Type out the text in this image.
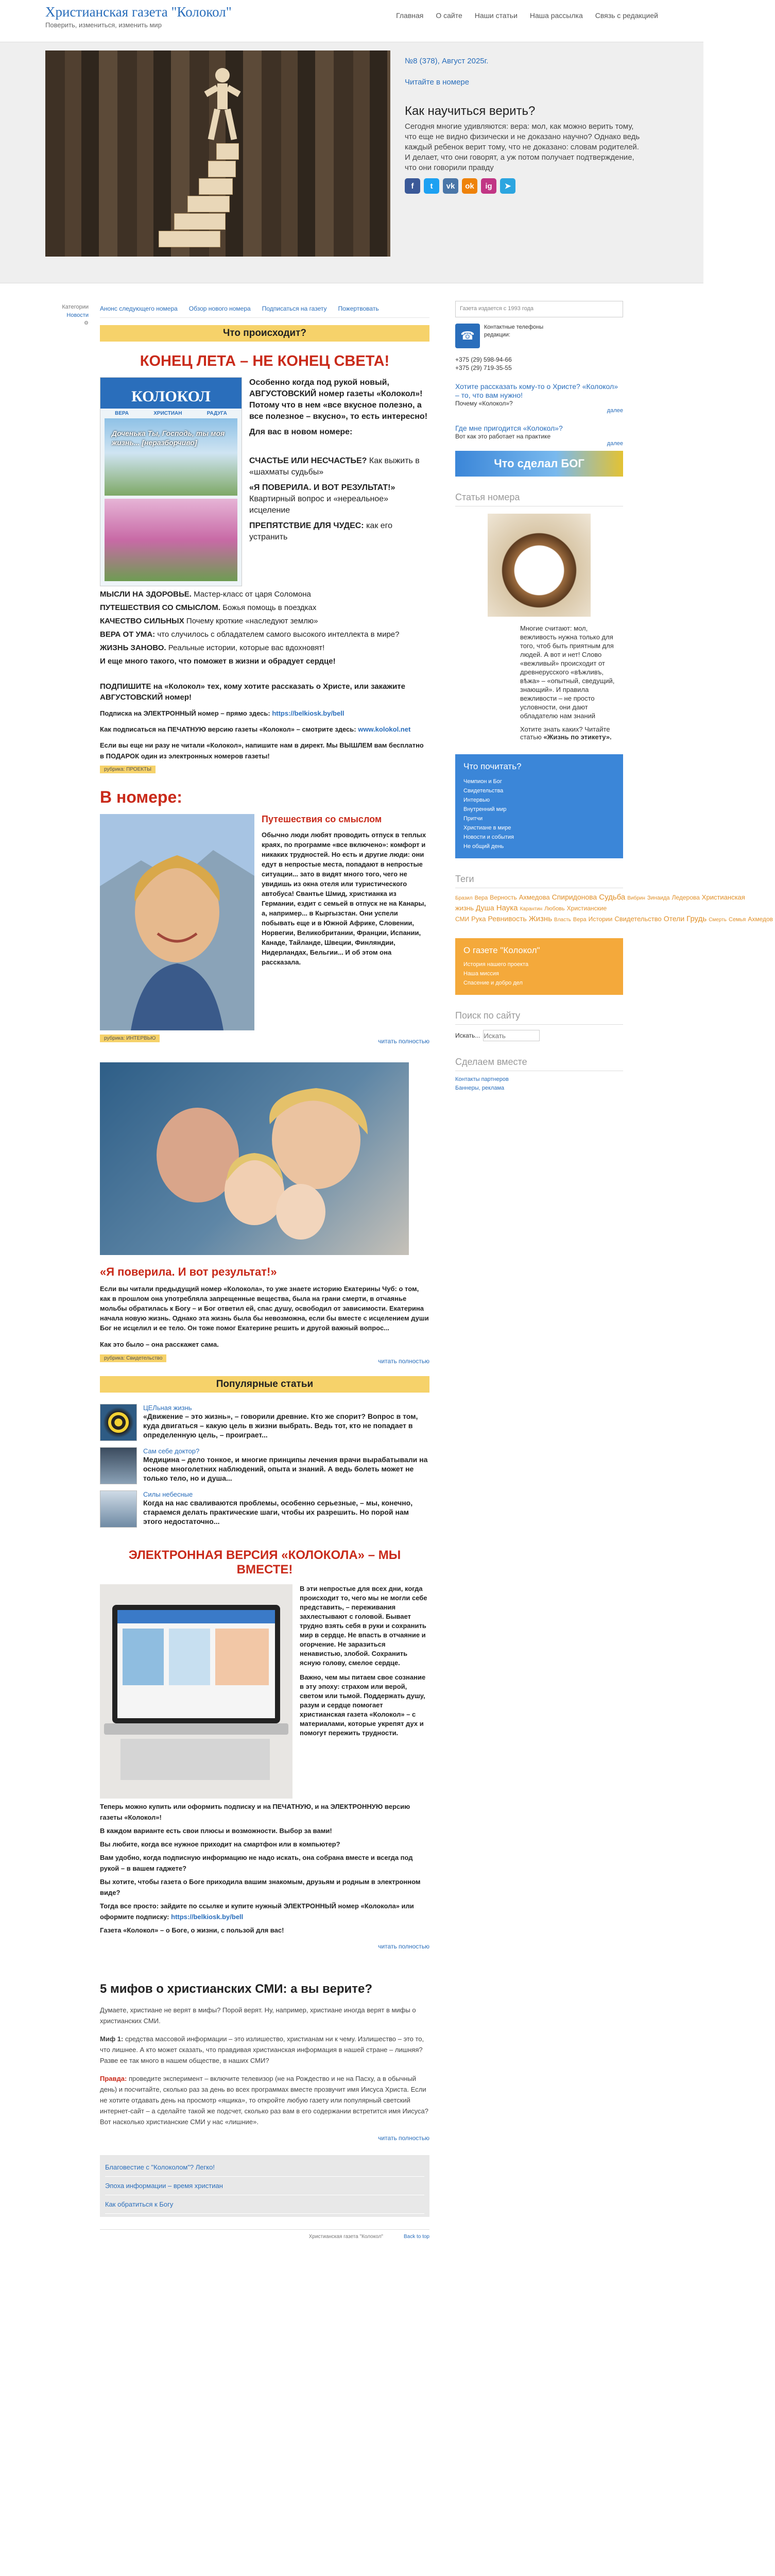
Христианская газета "Колокол"
Поверить, измениться, изменить мир
Главная О сайте Наши статьи Наша рассылка Связь с редакцией
№8 (378), Август 2025г.
Читайте в номере
Как научиться верить?

Сегодня многие удивляются: вера: мол, как можно верить тому, что еще не видно физически и не доказано научно? Однако ведь каждый ребенок верит тому, что не доказано: словам родителей. И делает, что они говорят, а уж потом получает подтверждение, что они говорили правду

f	t	vk	ok	ig	➤
Категории
Новости
⚙
Анонс следующего номера Обзор нового номера Подписаться на газету Пожертвовать
Что происходит?
КОНЕЦ ЛЕТА – НЕ КОНЕЦ СВЕТА!
КОЛОКОЛ
ВЕРА	ХРИСТИАН	РАДУГА
Доченька Ты, Господь, ты моя жизнь... [неразборчиво]
Особенно когда под рукой новый, АВГУСТОВСКИЙ номер газеты «Колокол»! Потому что в нем «все вкусное полезно, а все полезное – вкусно», то есть интересно!
Для вас в новом номере:
СЧАСТЬЕ ИЛИ НЕСЧАСТЬЕ? Как выжить в «шахматы судьбы»
«Я ПОВЕРИЛА. И ВОТ РЕЗУЛЬТАТ!» Квартирный вопрос и «нереальное» исцеление
ПРЕПЯТСТВИЕ ДЛЯ ЧУДЕС: как его устранить

МЫСЛИ НА ЗДОРОВЬЕ. Мастер-класс от царя Соломона

ПУТЕШЕСТВИЯ СО СМЫСЛОМ. Божья помощь в поездках

КАЧЕСТВО СИЛЬНЫХ Почему кроткие «наследуют землю»

ВЕРА ОТ УМА: что случилось с обладателем самого высокого интеллекта в мире?

ЖИЗНЬ ЗАНОВО. Реальные истории, которые вас вдохновят!

И еще много такого, что поможет в жизни и обрадует сердце!

ПОДПИШИТЕ на «Колокол» тех, кому хотите рассказать о Христе, или закажите АВГУСТОВСКИЙ номер!

Подписка на ЭЛЕКТРОННЫЙ номер – прямо здесь: https://belkiosk.by/bell

Как подписаться на ПЕЧАТНУЮ версию газеты «Колокол» – смотрите здесь: www.kolokol.net

Если вы еще ни разу не читали «Колокол», напишите нам в директ. Мы ВЫШЛЕМ вам бесплатно в ПОДАРОК один из электронных номеров газеты!

рубрика: ПРОЕКТЫ
В номере:
Путешествия со смыслом
Обычно люди любят проводить отпуск в теплых краях, по программе «все включено»: комфорт и никаких трудностей. Но есть и другие люди: они едут в непростые места, попадают в непростые ситуации... зато в видят много того, чего не увидишь из окна отеля или туристического автобуса! Свантье Шмид, христианка из Германии, ездит с семьей в отпуск не на Канары, а, например... в Кыргызстан. Они успели побывать еще и в Южной Африке, Словении, Норвегии, Великобритании, Франции, Испании, Канаде, Тайланде, Швеции, Финляндии, Нидерландах, Бельгии... И об этом она рассказала.
рубрика: ИНТЕРВЬЮ	читать полностью
«Я поверила. И вот результат!»
Если вы читали предыдущий номер «Колокола», то уже знаете историю Екатерины Чуб: о том, как в прошлом она употребляла запрещенные вещества, была на грани смерти, в отчаянье мольбы обратилась к Богу – и Бог ответил ей, спас душу, освободил от зависимости. Екатерина начала новую жизнь. Однако эта жизнь была бы невозможна, если бы вместе с исцелением души Бог не исцелил и ее тело. Он тоже помог Екатерине решить и другой важный вопрос...
Как это было – она расскажет сама.
рубрика: Свидетельство	читать полностью
Популярные статьи
ЦЕЛьная жизнь
«Движение – это жизнь», – говорили древние. Кто же спорит? Вопрос в том, куда двигаться – какую цель в жизни выбрать. Ведь тот, кто не попадает в определенную цель, – проиграет...
Сам себе доктор?
Медицина – дело тонкое, и многие принципы лечения врачи вырабатывали на основе многолетних наблюдений, опыта и знаний. А ведь болеть может не только тело, но и душа...
Силы небесные
Когда на нас сваливаются проблемы, особенно серьезные, – мы, конечно, стараемся делать практические шаги, чтобы их разрешить. Но порой нам этого недостаточно...
ЭЛЕКТРОННАЯ ВЕРСИЯ «КОЛОКОЛА» – МЫ ВМЕСТЕ!

В эти непростые для всех дни, когда происходит то, чего мы не могли себе представить, – переживания захлестывают с головой. Бывает трудно взять себя в руки и сохранить мир в сердце. Не впасть в отчаяние и огорчение. Не заразиться ненавистью, злобой. Сохранить ясную голову, смелое сердце.

Важно, чем мы питаем свое сознание в эту эпоху: страхом или верой, светом или тьмой. Поддержать душу, разум и сердце помогает христианская газета «Колокол» – с материалами, которые укрепят дух и помогут пережить трудности.

Теперь можно купить или оформить подписку и на ПЕЧАТНУЮ, и на ЭЛЕКТРОННУЮ версию газеты «Колокол»!

В каждом варианте есть свои плюсы и возможности. Выбор за вами!

Вы любите, когда все нужное приходит на смартфон или в компьютер?

Вам удобно, когда подписную информацию не надо искать, она собрана вместе и всегда под рукой – в вашем гаджете?

Вы хотите, чтобы газета о Боге приходила вашим знакомым, друзьям и родным в электронном виде?

Тогда все просто: зайдите по ссылке и купите нужный ЭЛЕКТРОННЫЙ номер «Колокола» или оформите подписку: https://belkiosk.by/bell

Газета «Колокол» – о Боге, о жизни, с пользой для вас!

читать полностью
5 мифов о христианских СМИ: а вы верите?

Думаете, христиане не верят в мифы? Порой верят. Ну, например, христиане иногда верят в мифы о христианских СМИ.

Миф 1: средства массовой информации – это излишество, христианам ни к чему. Излишество – это то, что лишнее. А кто может сказать, что правдивая христианская информация в нашей стране – лишняя? Разве ее так много в нашем обществе, в наших СМИ?

Правда: проведите эксперимент – включите телевизор (не на Рождество и не на Пасху, а в обычный день) и посчитайте, сколько раз за день во всех программах вместе прозвучит имя Иисуса Христа. Если не хотите отдавать день на просмотр «ящика», то откройте любую газету или популярный светский интернет-сайт – а сделайте такой же подсчет, сколько раз вам в его содержании встретится имя Иисуса? Вот насколько христианские СМИ у нас «лишние».

читать полностью
Благовестие с "Колоколом"? Легко!
Эпоха информации – время христиан
Как обратиться к Богу
Христианская газета "Колокол"	Back to top
Газета издается с 1993 года
☎
Контактные телефоны редакции:
+375 (29) 598-94-66
+375 (29) 719-35-55
Хотите рассказать кому-то о Христе? «Колокол» – то, что вам нужно!
Почему «Колокол»?
далее
Где мне пригодится «Колокол»?
Вот как это работает на практике
далее
Что сделал БОГ
Статья номера

Многие считают: мол, вежливость нужна только для того, чтоб быть приятным для людей. А вот и нет! Слово «вежливый» происходит от древнерусского «вѣжливъ, вѣжа» – «опытный, сведущий, знающий». И правила вежливости – не просто условности, они дают обладателю нам знаний

Хотите знать каких? Читайте статью «Жизнь по этикету».

Что почитать?
Чемпион и Бог
Свидетельства
Интервью
Внутренний мир
Притчи
Христиане в мире
Новости и события
Не общий день
Теги
Бразил Вера Верность Ахмедова Спиридонова Судьба Вибрин Зинаида Ледерова Христианская жизнь Душа Наука Карантин Любовь Христианские СМИ Рука Ревнивость Жизнь Власть Вера Истории Свидетельство Отели Грудь Смерть Семья Ахмедов
О газете "Колокол"
История нашего проекта
Наша миссия
Спасение и добро дел
Поиск по сайту
Искать...
Искать
Сделаем вместе
Контакты партнеров
Баннеры, реклама
